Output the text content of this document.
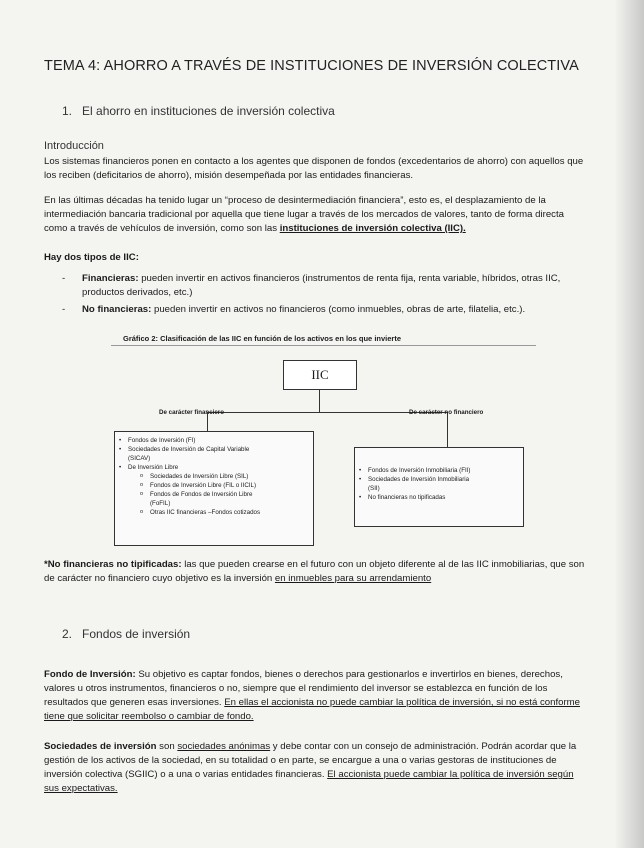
TEMA 4: AHORRO A TRAVÉS DE INSTITUCIONES DE INVERSIÓN COLECTIVA
1. El ahorro en instituciones de inversión colectiva
Introducción
Los sistemas financieros ponen en contacto a los agentes que disponen de fondos (excedentarios de ahorro) con aquellos que los reciben (deficitarios de ahorro), misión desempeñada por las entidades financieras.
En las últimas décadas ha tenido lugar un “proceso de desintermediación financiera”, esto es, el desplazamiento de la intermediación bancaria tradicional por aquella que tiene lugar a través de los mercados de valores, tanto de forma directa como a través de vehículos de inversión, como son las instituciones de inversión colectiva (IIC).
Hay dos tipos de IIC:
- Financieras: pueden invertir en activos financieros (instrumentos de renta fija, renta variable, híbridos, otras IIC, productos derivados, etc.)
- No financieras: pueden invertir en activos no financieros (como inmuebles, obras de arte, filatelia, etc.).
Gráfico 2: Clasificación de las IIC en función de los activos en los que invierte
IIC
De carácter financiero	De carácter no financiero
• Fondos de Inversión (FI)
• Sociedades de Inversión de Capital Variable
(SICAV)
• De Inversión Libre
o Sociedades de Inversión Libre (SIL)
o Fondos de Inversión Libre (FIL o IICIL)
o Fondos de Fondos de Inversión Libre
(FoFIL)
o Otras IIC financieras –Fondos cotizados
• Fondos de Inversión Inmobiliaria (FII)
• Sociedades de Inversión Inmobiliaria
(SII)
• No financieras no tipificadas
*No financieras no tipificadas: las que pueden crearse en el futuro con un objeto diferente al de las IIC inmobiliarias, que son de carácter no financiero cuyo objetivo es la inversión en inmuebles para su arrendamiento
2. Fondos de inversión
Fondo de Inversión: Su objetivo es captar fondos, bienes o derechos para gestionarlos e invertirlos en bienes, derechos, valores u otros instrumentos, financieros o no, siempre que el rendimiento del inversor se establezca en función de los resultados que generen esas inversiones. En ellas el accionista no puede cambiar la política de inversión, si no está conforme tiene que solicitar reembolso o cambiar de fondo.
Sociedades de inversión son sociedades anónimas y debe contar con un consejo de administración. Podrán acordar que la gestión de los activos de la sociedad, en su totalidad o en parte, se encargue a una o varias gestoras de instituciones de inversión colectiva (SGIIC) o a una o varias entidades financieras. El accionista puede cambiar la política de inversión según sus expectativas.
